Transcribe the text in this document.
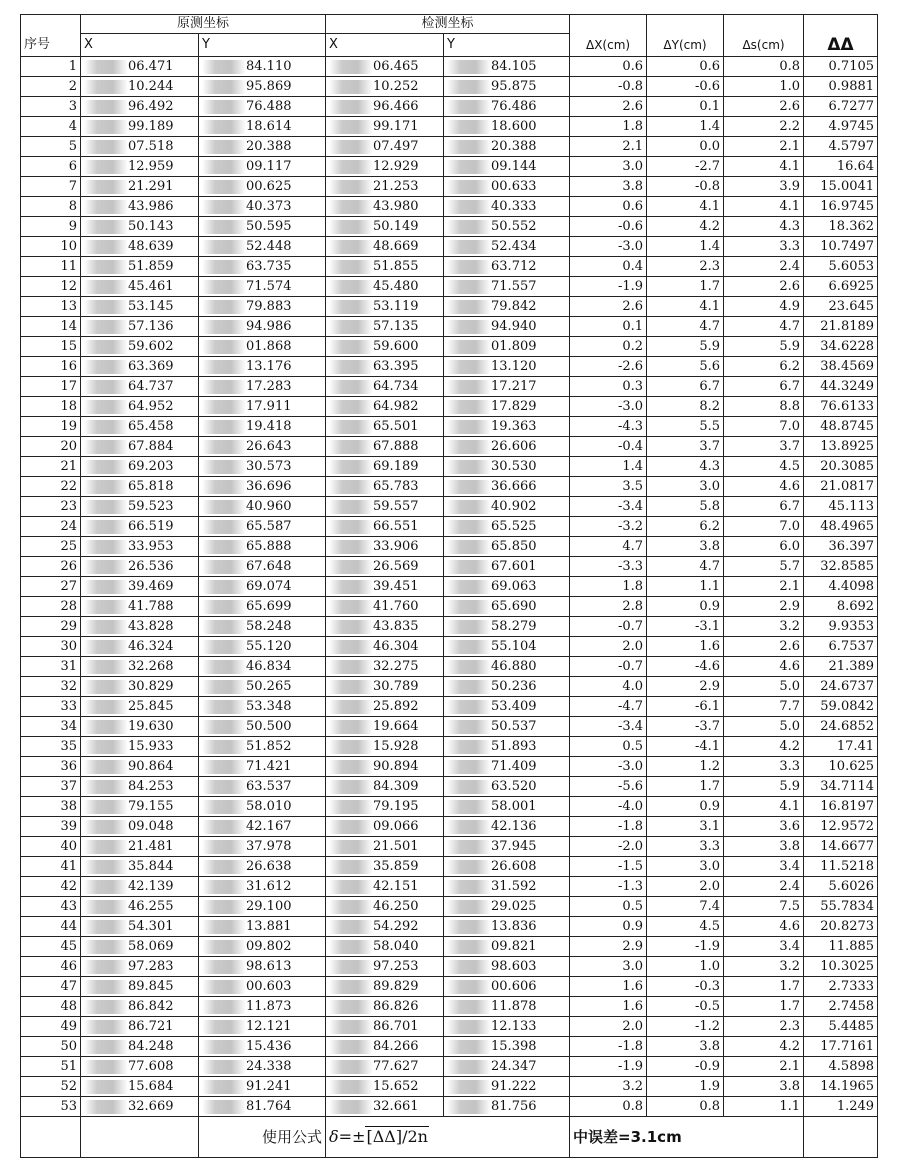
	原测坐标		检测坐标					
序号	X	Y	X	Y	ΔX(cm)	ΔY(cm)	Δs(cm)	ΔΔ
1	06.471	84.110	06.465	84.105	0.6	0.6	0.8	0.7105
2	10.244	95.869	10.252	95.875	-0.8	-0.6	1.0	0.9881
3	96.492	76.488	96.466	76.486	2.6	0.1	2.6	6.7277
4	99.189	18.614	99.171	18.600	1.8	1.4	2.2	4.9745
5	07.518	20.388	07.497	20.388	2.1	0.0	2.1	4.5797
6	12.959	09.117	12.929	09.144	3.0	-2.7	4.1	16.64
7	21.291	00.625	21.253	00.633	3.8	-0.8	3.9	15.0041
8	43.986	40.373	43.980	40.333	0.6	4.1	4.1	16.9745
9	50.143	50.595	50.149	50.552	-0.6	4.2	4.3	18.362
10	48.639	52.448	48.669	52.434	-3.0	1.4	3.3	10.7497
11	51.859	63.735	51.855	63.712	0.4	2.3	2.4	5.6053
12	45.461	71.574	45.480	71.557	-1.9	1.7	2.6	6.6925
13	53.145	79.883	53.119	79.842	2.6	4.1	4.9	23.645
14	57.136	94.986	57.135	94.940	0.1	4.7	4.7	21.8189
15	59.602	01.868	59.600	01.809	0.2	5.9	5.9	34.6228
16	63.369	13.176	63.395	13.120	-2.6	5.6	6.2	38.4569
17	64.737	17.283	64.734	17.217	0.3	6.7	6.7	44.3249
18	64.952	17.911	64.982	17.829	-3.0	8.2	8.8	76.6133
19	65.458	19.418	65.501	19.363	-4.3	5.5	7.0	48.8745
20	67.884	26.643	67.888	26.606	-0.4	3.7	3.7	13.8925
21	69.203	30.573	69.189	30.530	1.4	4.3	4.5	20.3085
22	65.818	36.696	65.783	36.666	3.5	3.0	4.6	21.0817
23	59.523	40.960	59.557	40.902	-3.4	5.8	6.7	45.113
24	66.519	65.587	66.551	65.525	-3.2	6.2	7.0	48.4965
25	33.953	65.888	33.906	65.850	4.7	3.8	6.0	36.397
26	26.536	67.648	26.569	67.601	-3.3	4.7	5.7	32.8585
27	39.469	69.074	39.451	69.063	1.8	1.1	2.1	4.4098
28	41.788	65.699	41.760	65.690	2.8	0.9	2.9	8.692
29	43.828	58.248	43.835	58.279	-0.7	-3.1	3.2	9.9353
30	46.324	55.120	46.304	55.104	2.0	1.6	2.6	6.7537
31	32.268	46.834	32.275	46.880	-0.7	-4.6	4.6	21.389
32	30.829	50.265	30.789	50.236	4.0	2.9	5.0	24.6737
33	25.845	53.348	25.892	53.409	-4.7	-6.1	7.7	59.0842
34	19.630	50.500	19.664	50.537	-3.4	-3.7	5.0	24.6852
35	15.933	51.852	15.928	51.893	0.5	-4.1	4.2	17.41
36	90.864	71.421	90.894	71.409	-3.0	1.2	3.3	10.625
37	84.253	63.537	84.309	63.520	-5.6	1.7	5.9	34.7114
38	79.155	58.010	79.195	58.001	-4.0	0.9	4.1	16.8197
39	09.048	42.167	09.066	42.136	-1.8	3.1	3.6	12.9572
40	21.481	37.978	21.501	37.945	-2.0	3.3	3.8	14.6677
41	35.844	26.638	35.859	26.608	-1.5	3.0	3.4	11.5218
42	42.139	31.612	42.151	31.592	-1.3	2.0	2.4	5.6026
43	46.255	29.100	46.250	29.025	0.5	7.4	7.5	55.7834
44	54.301	13.881	54.292	13.836	0.9	4.5	4.6	20.8273
45	58.069	09.802	58.040	09.821	2.9	-1.9	3.4	11.885
46	97.283	98.613	97.253	98.603	3.0	1.0	3.2	10.3025
47	89.845	00.603	89.829	00.606	1.6	-0.3	1.7	2.7333
48	86.842	11.873	86.826	11.878	1.6	-0.5	1.7	2.7458
49	86.721	12.121	86.701	12.133	2.0	-1.2	2.3	5.4485
50	84.248	15.436	84.266	15.398	-1.8	3.8	4.2	17.7161
51	77.608	24.338	77.627	24.347	-1.9	-0.9	2.1	4.5898
52	15.684	91.241	15.652	91.222	3.2	1.9	3.8	14.1965
53	32.669	81.764	32.661	81.756	0.8	0.8	1.1	1.249
		使用公式	δ=±[ΔΔ]/2n		中误差=3.1cm			
